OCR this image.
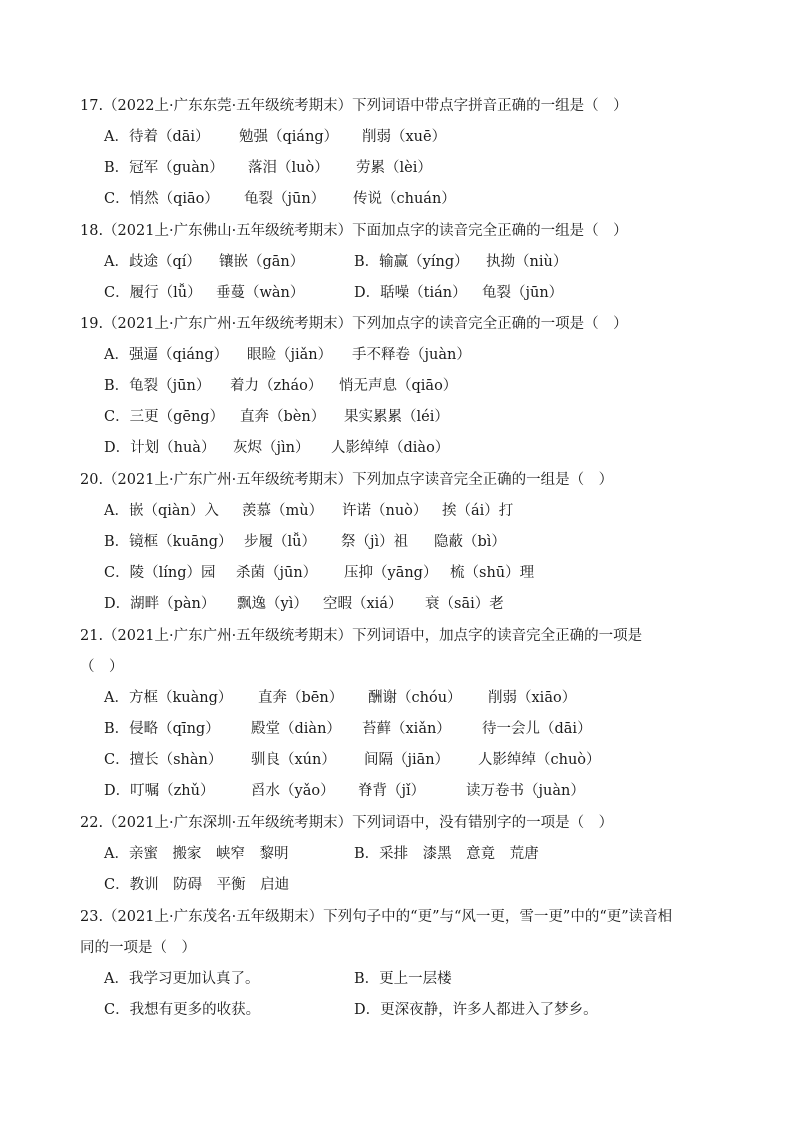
17.（2022上·广东东莞·五年级统考期末）下列词语中带点字拼音正确的一组是（　）
A．待着（dāi） 勉强（qiáng） 削弱（xuē）
B．冠军（guàn） 落泪（luò） 劳累（lèi）
C．悄然（qiāo） 龟裂（jūn） 传说（chuán）
18.（2021上·广东佛山·五年级统考期末）下面加点字的读音完全正确的一组是（　）
A．歧途（qí） 镶嵌（gān）	B．输赢（yíng） 执拗（niù）
C．履行（lǚ） 垂蔓（wàn）	D．聒噪（tián） 龟裂（jūn）
19.（2021上·广东广州·五年级统考期末）下列加点字的读音完全正确的一项是（　）
A．强逼（qiáng） 眼睑（jiǎn） 手不释卷（juàn）
B．龟裂（jūn） 着力（zháo） 悄无声息（qiāo）
C．三更（gēng） 直奔（bèn） 果实累累（léi）
D．计划（huà） 灰烬（jìn） 人影绰绰（diào）
20.（2021上·广东广州·五年级统考期末）下列加点字读音完全正确的一组是（　）
A．嵌（qiàn）入 羡慕（mù） 许诺（nuò） 挨（ái）打
B．镜框（kuāng） 步履（lǚ） 祭（jì）祖 隐蔽（bì）
C．陵（líng）园 杀菌（jūn） 压抑（yāng） 梳（shū）理
D．湖畔（pàn） 飘逸（yì） 空暇（xiá） 衰（sāi）老
21.（2021上·广东广州·五年级统考期末）下列词语中，加点字的读音完全正确的一项是
（　）
A．方框（kuàng） 直奔（bēn） 酬谢（chóu） 削弱（xiāo）
B．侵略（qīng） 殿堂（diàn） 苔藓（xiǎn） 待一会儿（dāi）
C．擅长（shàn） 驯良（xún） 间隔（jiān） 人影绰绰（chuò）
D．叮嘱（zhǔ）	舀水（yǎo） 脊背（jǐ）	读万卷书（juàn）
22.（2021上·广东深圳·五年级统考期末）下列词语中，没有错别字的一项是（　）
A．亲蜜　搬家　峡窄　黎明	B．采排　漆黑　意竟　荒唐
C．教训　防碍　平衡　启迪
23.（2021上·广东茂名·五年级期末）下列句子中的“更”与“风一更，雪一更”中的“更”读音相
同的一项是（　）
A．我学习更加认真了。	B．更上一层楼
C．我想有更多的收获。	D．更深夜静，许多人都进入了梦乡。
